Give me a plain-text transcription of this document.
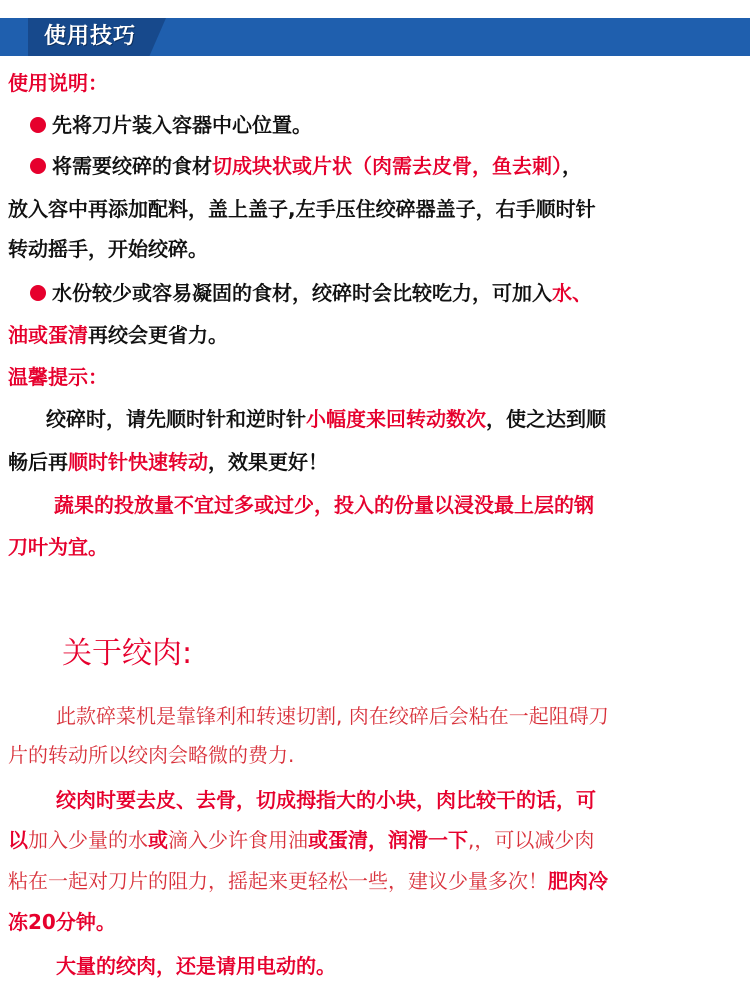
使用技巧
使用说明：
先将刀片装入容器中心位置。
将需要绞碎的食材切成块状或片状（肉需去皮骨，鱼去刺），
放入容中再添加配料，盖上盖子,左手压住绞碎器盖子，右手顺时针
转动摇手，开始绞碎。
水份较少或容易凝固的食材，绞碎时会比较吃力，可加入水、
油或蛋清再绞会更省力。
温馨提示：
绞碎时，请先顺时针和逆时针小幅度来回转动数次，使之达到顺
畅后再顺时针快速转动，效果更好！
蔬果的投放量不宜过多或过少，投入的份量以浸没最上层的钢
刀叶为宜。
关于绞肉:
此款碎菜机是靠锋利和转速切割, 肉在绞碎后会粘在一起阻碍刀
片的转动所以绞肉会略微的费力.
绞肉时要去皮、去骨，切成拇指大的小块，肉比较干的话，可
以加入少量的水或滴入少许食用油或蛋清，润滑一下,，可以减少肉
粘在一起对刀片的阻力，摇起来更轻松一些，建议少量多次！肥肉冷
冻20分钟。
大量的绞肉，还是请用电动的。
